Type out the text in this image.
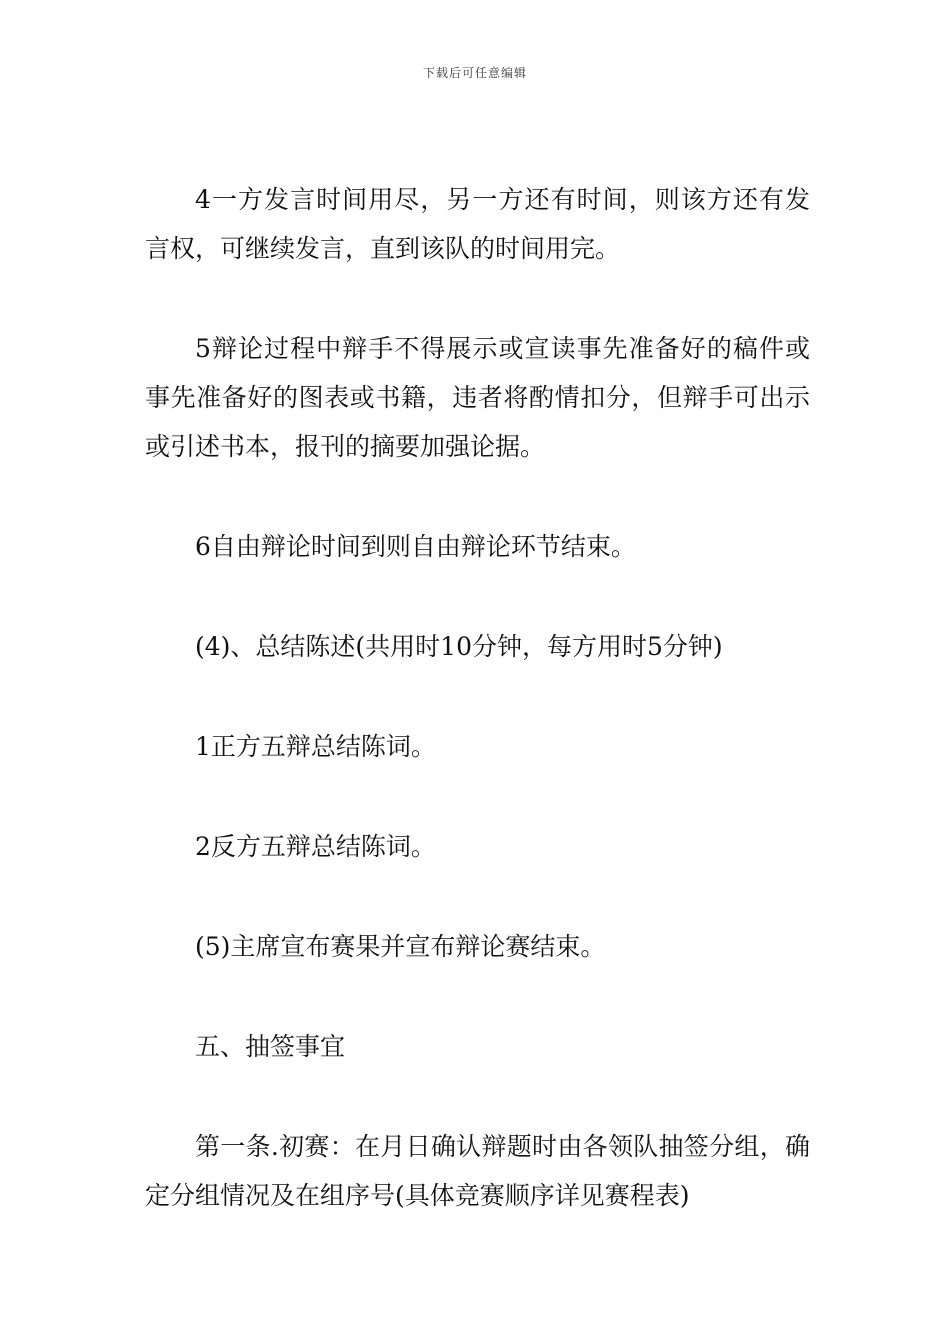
下载后可任意编辑

4一方发言时间用尽，另一方还有时间，则该方还有发言权，可继续发言，直到该队的时间用完。

5辩论过程中辩手不得展示或宣读事先准备好的稿件或事先准备好的图表或书籍，违者将酌情扣分，但辩手可出示或引述书本，报刊的摘要加强论据。

6自由辩论时间到则自由辩论环节结束。

(4)、总结陈述(共用时10分钟，每方用时5分钟)

1正方五辩总结陈词。

2反方五辩总结陈词。

(5)主席宣布赛果并宣布辩论赛结束。

五、抽签事宜

第一条.初赛：在月日确认辩题时由各领队抽签分组，确定分组情况及在组序号(具体竞赛顺序详见赛程表)
